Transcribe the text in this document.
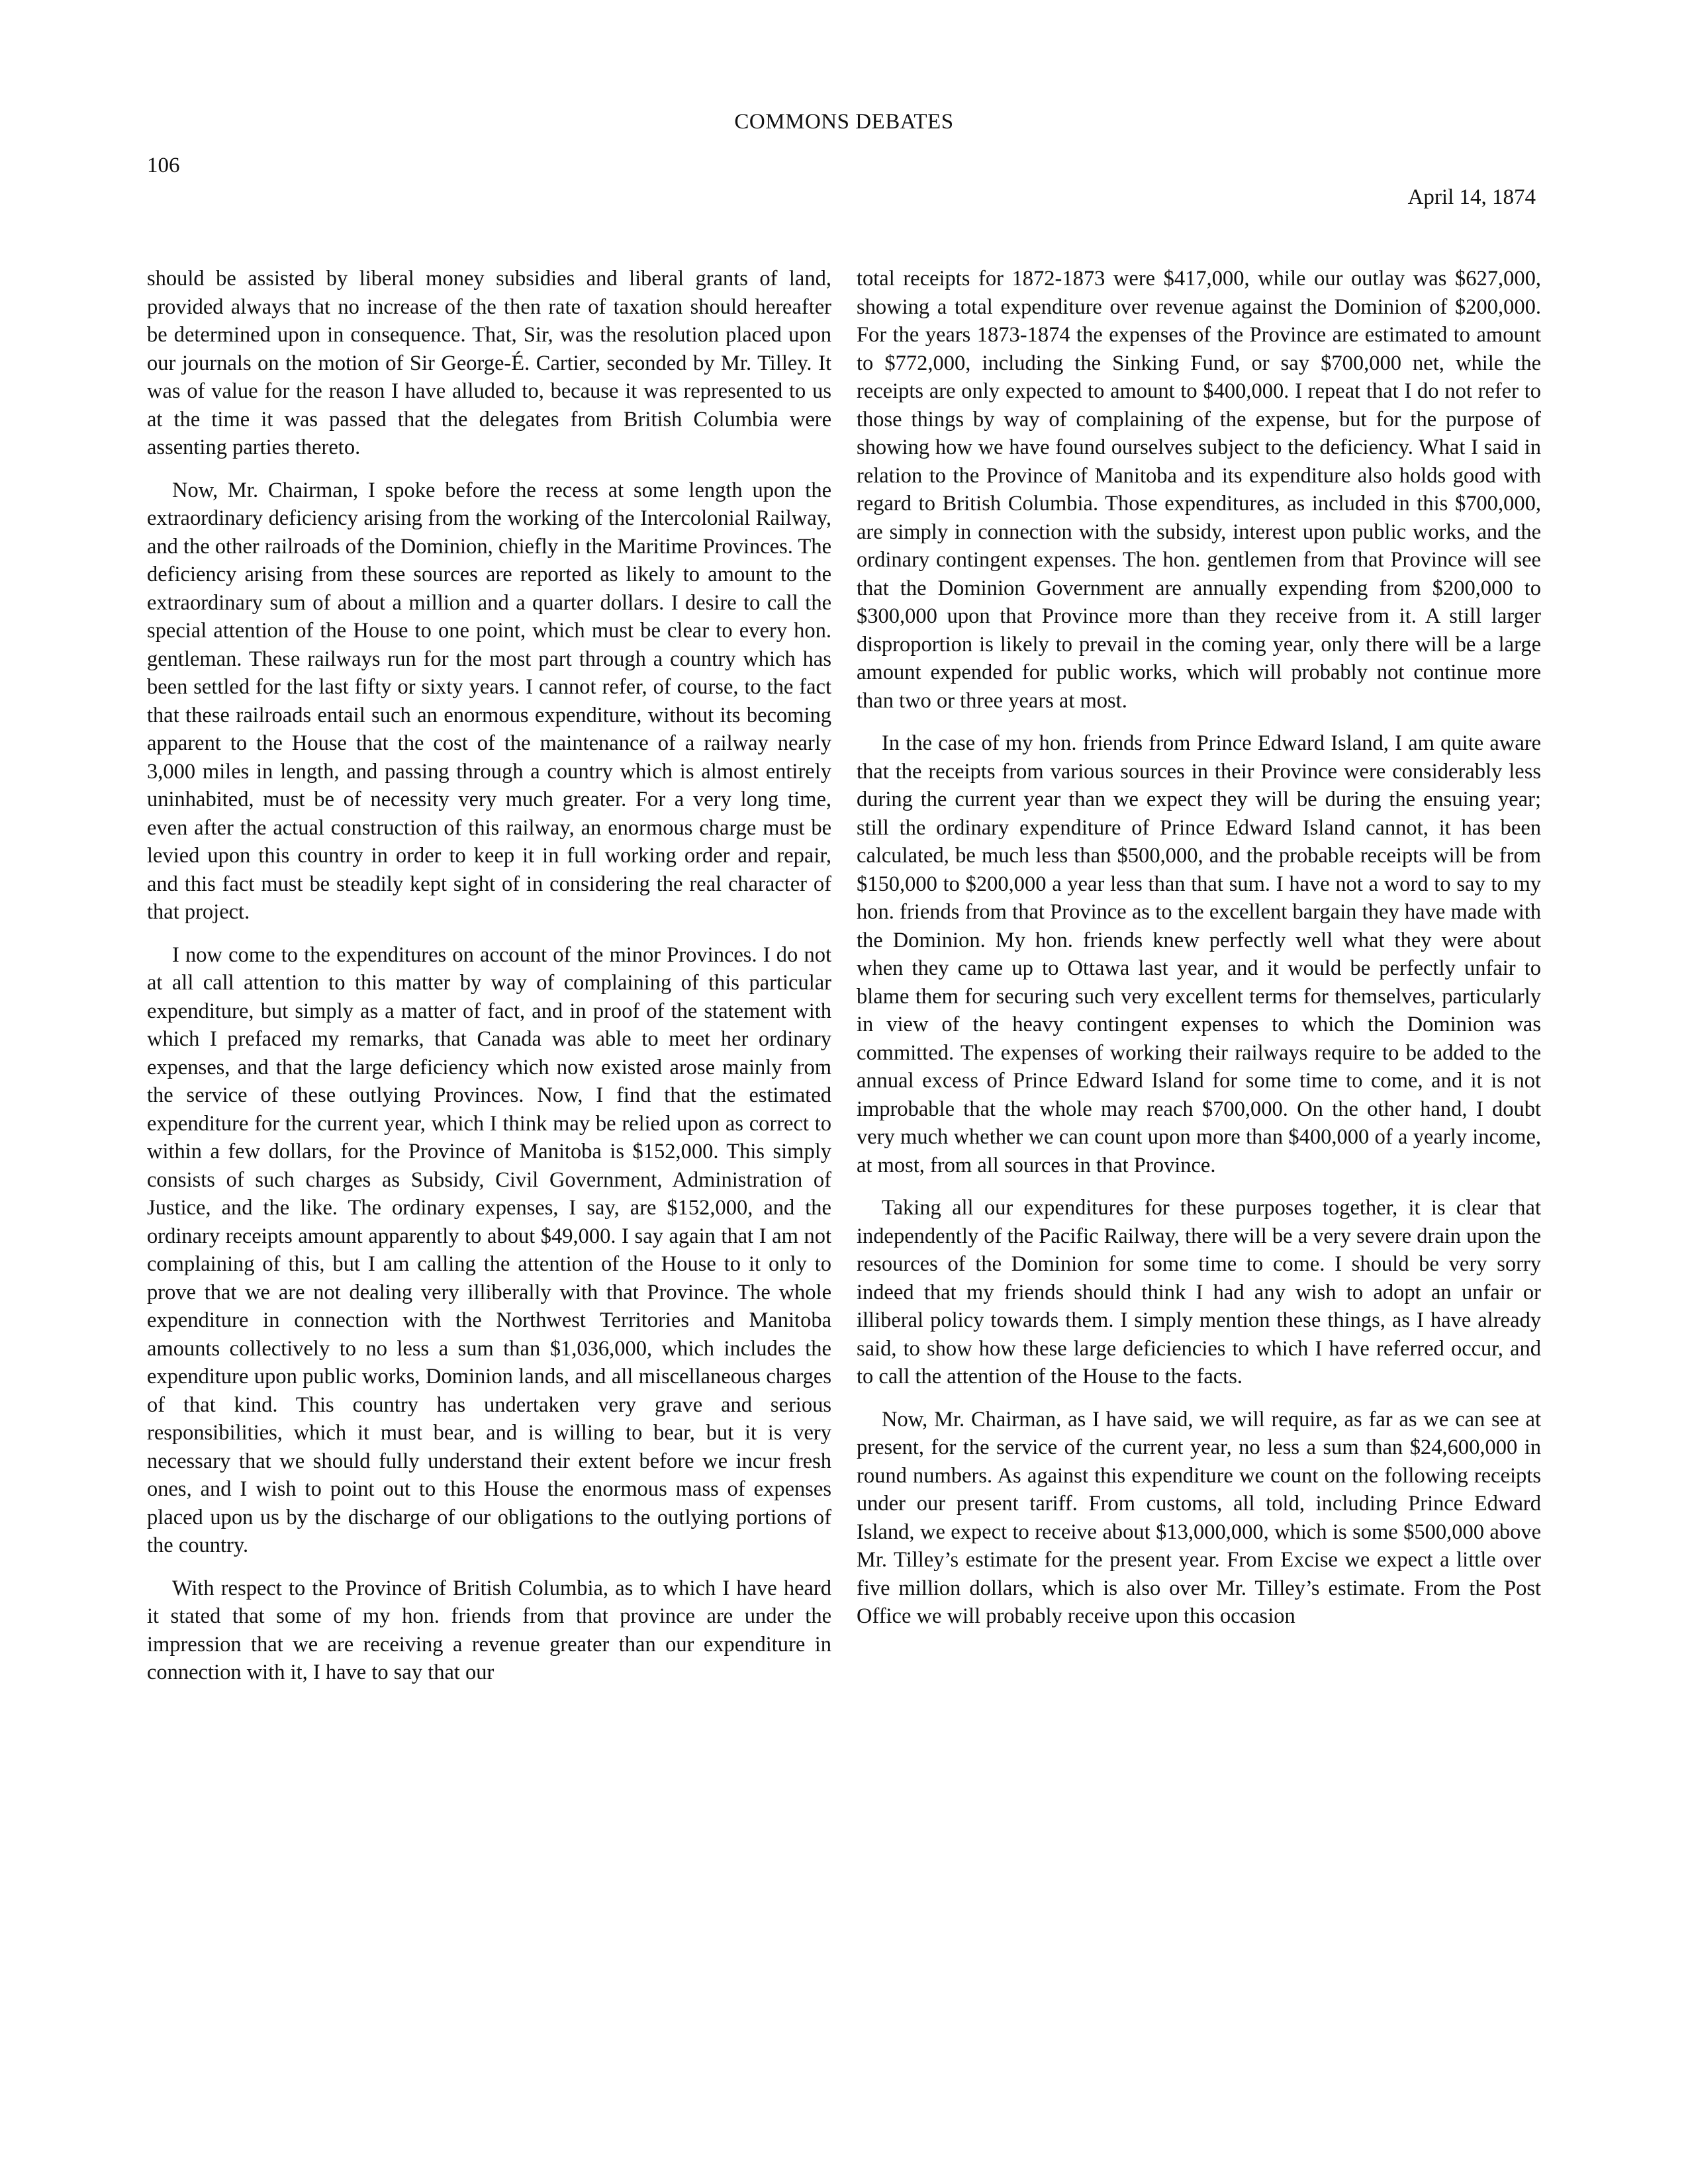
COMMONS DEBATES
106
April 14, 1874

should be assisted by liberal money subsidies and liberal grants of land, provided always that no increase of the then rate of taxation should hereafter be determined upon in consequence. That, Sir, was the resolution placed upon our journals on the motion of Sir George-É. Cartier, seconded by Mr. Tilley. It was of value for the reason I have alluded to, because it was represented to us at the time it was passed that the delegates from British Columbia were assenting parties thereto.

Now, Mr. Chairman, I spoke before the recess at some length upon the extraordinary deficiency arising from the working of the Intercolonial Railway, and the other railroads of the Dominion, chiefly in the Maritime Provinces. The deficiency arising from these sources are reported as likely to amount to the extraordinary sum of about a million and a quarter dollars. I desire to call the special attention of the House to one point, which must be clear to every hon. gentleman. These railways run for the most part through a country which has been settled for the last fifty or sixty years. I cannot refer, of course, to the fact that these railroads entail such an enormous expenditure, without its becoming apparent to the House that the cost of the maintenance of a railway nearly 3,000 miles in length, and passing through a country which is almost entirely uninhabited, must be of necessity very much greater. For a very long time, even after the actual construction of this railway, an enormous charge must be levied upon this country in order to keep it in full working order and repair, and this fact must be steadily kept sight of in considering the real character of that project.

I now come to the expenditures on account of the minor Provinces. I do not at all call attention to this matter by way of complaining of this particular expenditure, but simply as a matter of fact, and in proof of the statement with which I prefaced my remarks, that Canada was able to meet her ordinary expenses, and that the large deficiency which now existed arose mainly from the service of these outlying Provinces. Now, I find that the estimated expenditure for the current year, which I think may be relied upon as correct to within a few dollars, for the Province of Manitoba is $152,000. This simply consists of such charges as Subsidy, Civil Government, Administration of Justice, and the like. The ordinary expenses, I say, are $152,000, and the ordinary receipts amount apparently to about $49,000. I say again that I am not complaining of this, but I am calling the attention of the House to it only to prove that we are not dealing very illiberally with that Province. The whole expenditure in connection with the Northwest Territories and Manitoba amounts collectively to no less a sum than $1,036,000, which includes the expenditure upon public works, Dominion lands, and all miscellaneous charges of that kind. This country has undertaken very grave and serious responsibilities, which it must bear, and is willing to bear, but it is very necessary that we should fully understand their extent before we incur fresh ones, and I wish to point out to this House the enormous mass of expenses placed upon us by the discharge of our obligations to the outlying portions of the country.

With respect to the Province of British Columbia, as to which I have heard it stated that some of my hon. friends from that province are under the impression that we are receiving a revenue greater than our expenditure in connection with it, I have to say that our

total receipts for 1872-1873 were $417,000, while our outlay was $627,000, showing a total expenditure over revenue against the Dominion of $200,000. For the years 1873-1874 the expenses of the Province are estimated to amount to $772,000, including the Sinking Fund, or say $700,000 net, while the receipts are only expected to amount to $400,000. I repeat that I do not refer to those things by way of complaining of the expense, but for the purpose of showing how we have found ourselves subject to the deficiency. What I said in relation to the Province of Manitoba and its expenditure also holds good with regard to British Columbia. Those expenditures, as included in this $700,000, are simply in connection with the subsidy, interest upon public works, and the ordinary contingent expenses. The hon. gentlemen from that Province will see that the Dominion Government are annually expending from $200,000 to $300,000 upon that Province more than they receive from it. A still larger disproportion is likely to prevail in the coming year, only there will be a large amount expended for public works, which will probably not continue more than two or three years at most.

In the case of my hon. friends from Prince Edward Island, I am quite aware that the receipts from various sources in their Province were considerably less during the current year than we expect they will be during the ensuing year; still the ordinary expenditure of Prince Edward Island cannot, it has been calculated, be much less than $500,000, and the probable receipts will be from $150,000 to $200,000 a year less than that sum. I have not a word to say to my hon. friends from that Province as to the excellent bargain they have made with the Dominion. My hon. friends knew perfectly well what they were about when they came up to Ottawa last year, and it would be perfectly unfair to blame them for securing such very excellent terms for themselves, particularly in view of the heavy contingent expenses to which the Dominion was committed. The expenses of working their railways require to be added to the annual excess of Prince Edward Island for some time to come, and it is not improbable that the whole may reach $700,000. On the other hand, I doubt very much whether we can count upon more than $400,000 of a yearly income, at most, from all sources in that Province.

Taking all our expenditures for these purposes together, it is clear that independently of the Pacific Railway, there will be a very severe drain upon the resources of the Dominion for some time to come. I should be very sorry indeed that my friends should think I had any wish to adopt an unfair or illiberal policy towards them. I simply mention these things, as I have already said, to show how these large deficiencies to which I have referred occur, and to call the attention of the House to the facts.

Now, Mr. Chairman, as I have said, we will require, as far as we can see at present, for the service of the current year, no less a sum than $24,600,000 in round numbers. As against this expenditure we count on the following receipts under our present tariff. From customs, all told, including Prince Edward Island, we expect to receive about $13,000,000, which is some $500,000 above Mr. Tilley’s estimate for the present year. From Excise we expect a little over five million dollars, which is also over Mr. Tilley’s estimate. From the Post Office we will probably receive upon this occasion
